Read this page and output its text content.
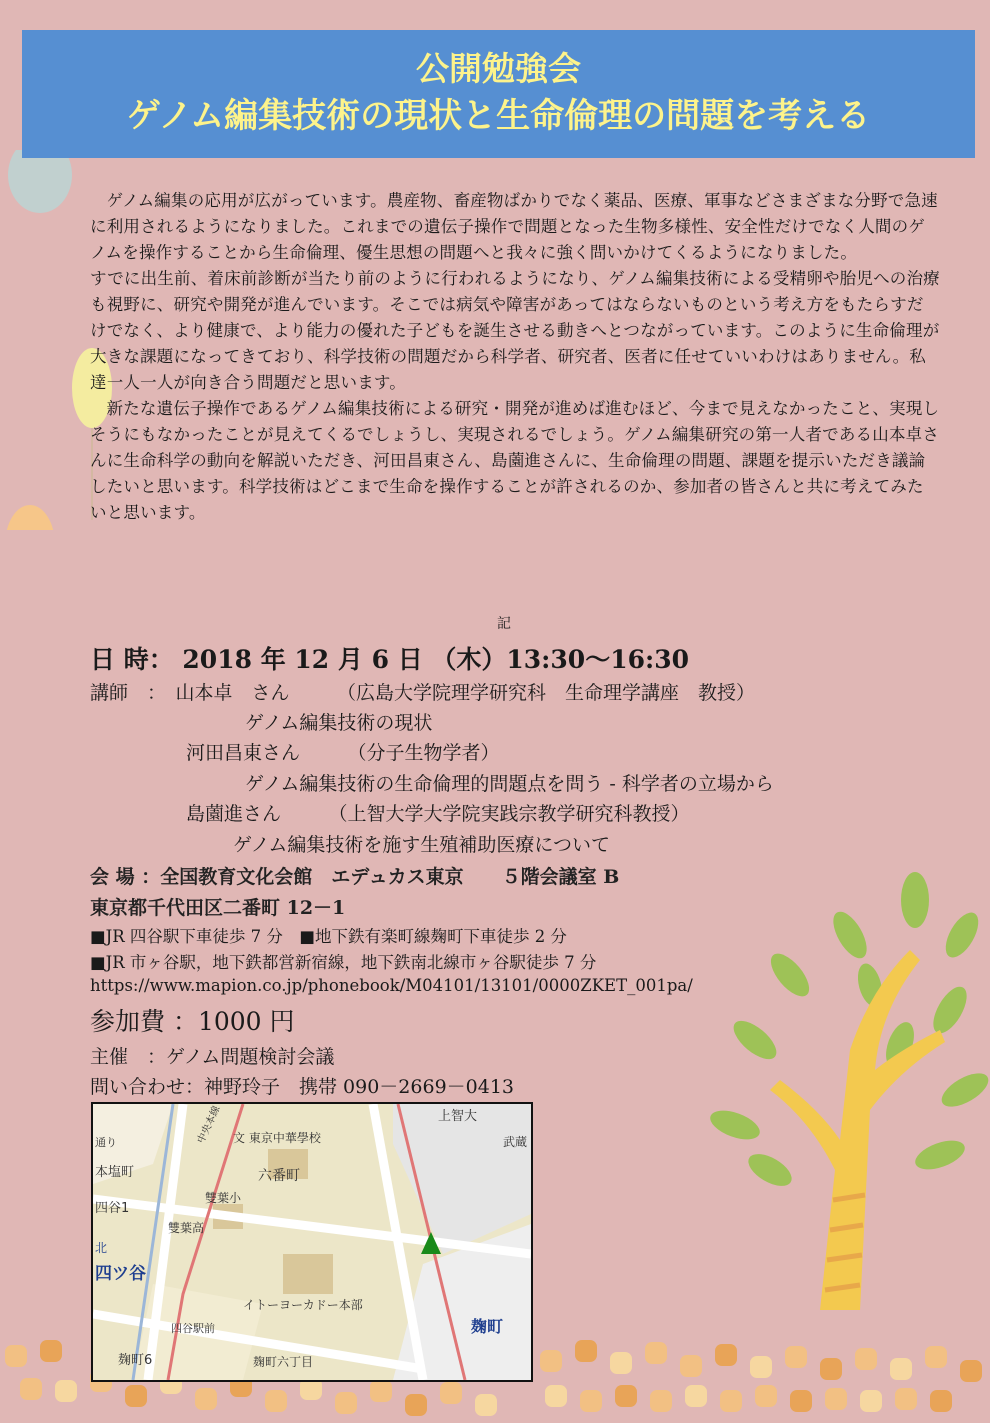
公開勉強会
ゲノム編集技術の現状と生命倫理の問題を考える

ゲノム編集の応用が広がっています。農産物、畜産物ばかりでなく薬品、医療、軍事などさまざまな分野で急速に利用されるようになりました。これまでの遺伝子操作で問題となった生物多様性、安全性だけでなく人間のゲノムを操作することから生命倫理、優生思想の問題へと我々に強く問いかけてくるようになりました。

すでに出生前、着床前診断が当たり前のように行われるようになり、ゲノム編集技術による受精卵や胎児への治療も視野に、研究や開発が進んでいます。そこでは病気や障害があってはならないものという考え方をもたらすだけでなく、より健康で、より能力の優れた子どもを誕生させる動きへとつながっています。このように生命倫理が大きな課題になってきており、科学技術の問題だから科学者、研究者、医者に任せていいわけはありません。私達一人一人が向き合う問題だと思います。

新たな遺伝子操作であるゲノム編集技術による研究・開発が進めば進むほど、今まで見えなかったこと、実現しそうにもなかったことが見えてくるでしょうし、実現されるでしょう。ゲノム編集研究の第一人者である山本卓さんに生命科学の動向を解説いただき、河田昌東さん、島薗進さんに、生命倫理の問題、課題を提示いただき議論したいと思います。科学技術はどこまで生命を操作することが許されるのか、参加者の皆さんと共に考えてみたいと思います。

記
日 時： 2018 年 12 月 6 日 （木）13:30～16:30
講師　：　山本卓　さん　　　（広島大学院理学研究科　生命理学講座　教授）
ゲノム編集技術の現状
河田昌東さん　　　（分子生物学者）
ゲノム編集技術の生命倫理的問題点を問う - 科学者の立場から
島薗進さん　　　（上智大学大学院実践宗教学研究科教授）
ゲノム編集技術を施す生殖補助医療について
会 場 ：全国教育文化会館　エデュカス東京　　５階会議室 B
東京都千代田区二番町 12－1
■JR 四谷駅下車徒歩 7 分　■地下鉄有楽町線麹町下車徒歩 2 分
■JR 市ヶ谷駅，地下鉄都営新宿線，地下鉄南北線市ヶ谷駅徒歩 7 分
https://www.mapion.co.jp/phonebook/M04101/13101/0000ZKET_001pa/
参加費 ：1000 円
主催　：ゲノム問題検討会議
問い合わせ：神野玲子　携帯 090－2669－0413
上智大
文 東京中華學校	武蔵
本塩町	六番町
雙葉小
四谷1
雙葉高
四ツ谷
イトーヨーカドー本部
四谷駅前	麹町
麹町6	麹町六丁目
通り
北
中央本線
